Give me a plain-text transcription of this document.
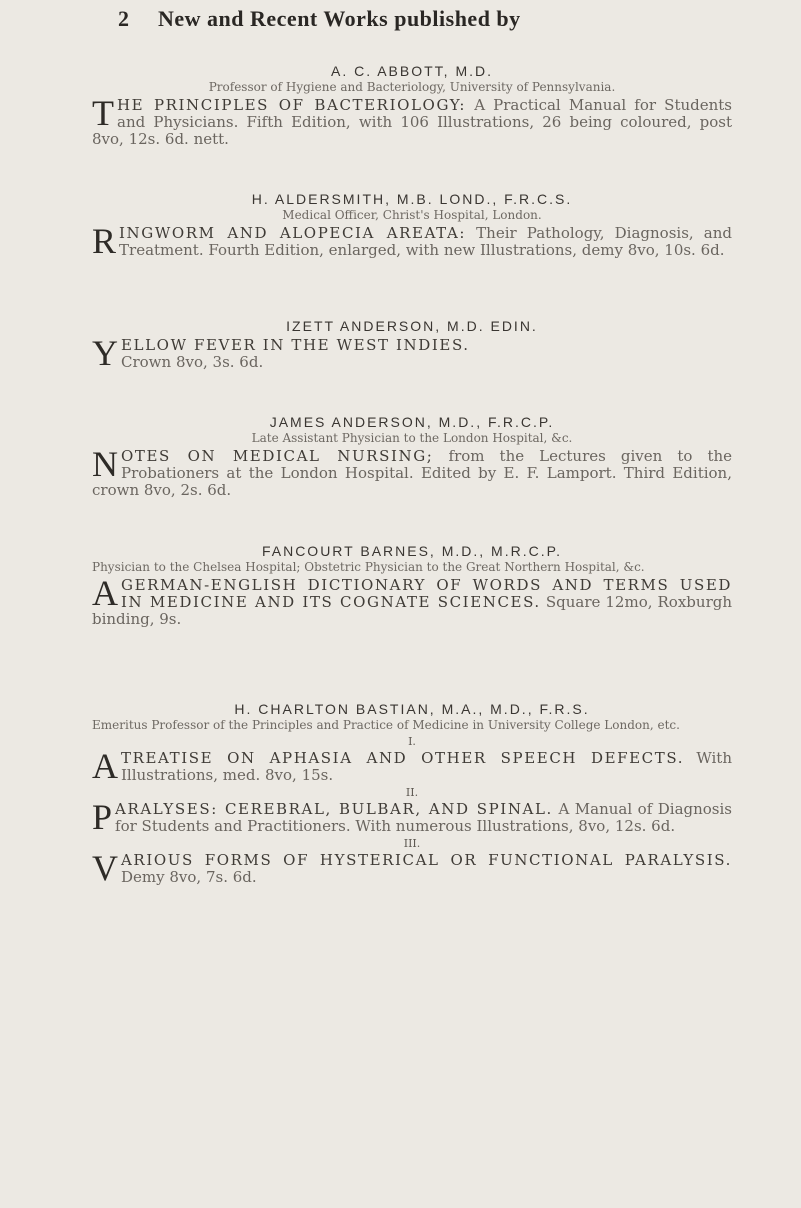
2 New and Recent Works published by

A. C. ABBOTT, M.D.

Professor of Hygiene and Bacteriology, University of Pennsylvania.

THE PRINCIPLES OF BACTERIOLOGY: A Practical Manual for Students and Physicians. Fifth Edition, with 106 Illustrations, 26 being coloured, post 8vo, 12s. 6d. nett.

H. ALDERSMITH, M.B. LOND., F.R.C.S.

Medical Officer, Christ's Hospital, London.

RINGWORM AND ALOPECIA AREATA: Their Pathology, Diagnosis, and Treatment. Fourth Edition, enlarged, with new Illustrations, demy 8vo, 10s. 6d.

IZETT ANDERSON, M.D. EDIN.

YELLOW FEVER IN THE WEST INDIES.
Crown 8vo, 3s. 6d.

JAMES ANDERSON, M.D., F.R.C.P.

Late Assistant Physician to the London Hospital, &c.

NOTES ON MEDICAL NURSING; from the Lectures given to the Probationers at the London Hospital. Edited by E. F. Lamport. Third Edition, crown 8vo, 2s. 6d.

FANCOURT BARNES, M.D., M.R.C.P.

Physician to the Chelsea Hospital; Obstetric Physician to the Great Northern Hospital, &c.

AGERMAN-ENGLISH DICTIONARY OF WORDS AND TERMS USED IN MEDICINE AND ITS COGNATE SCIENCES. Square 12mo, Roxburgh binding, 9s.

H. CHARLTON BASTIAN, M.A., M.D., F.R.S.

Emeritus Professor of the Principles and Practice of Medicine in University College London, etc.

I.

ATREATISE ON APHASIA AND OTHER SPEECH DEFECTS. With Illustrations, med. 8vo, 15s.

II.

PARALYSES: CEREBRAL, BULBAR, AND SPINAL. A Manual of Diagnosis for Students and Practitioners. With numerous Illustrations, 8vo, 12s. 6d.

III.

VARIOUS FORMS OF HYSTERICAL OR FUNCTIONAL PARALYSIS. Demy 8vo, 7s. 6d.
